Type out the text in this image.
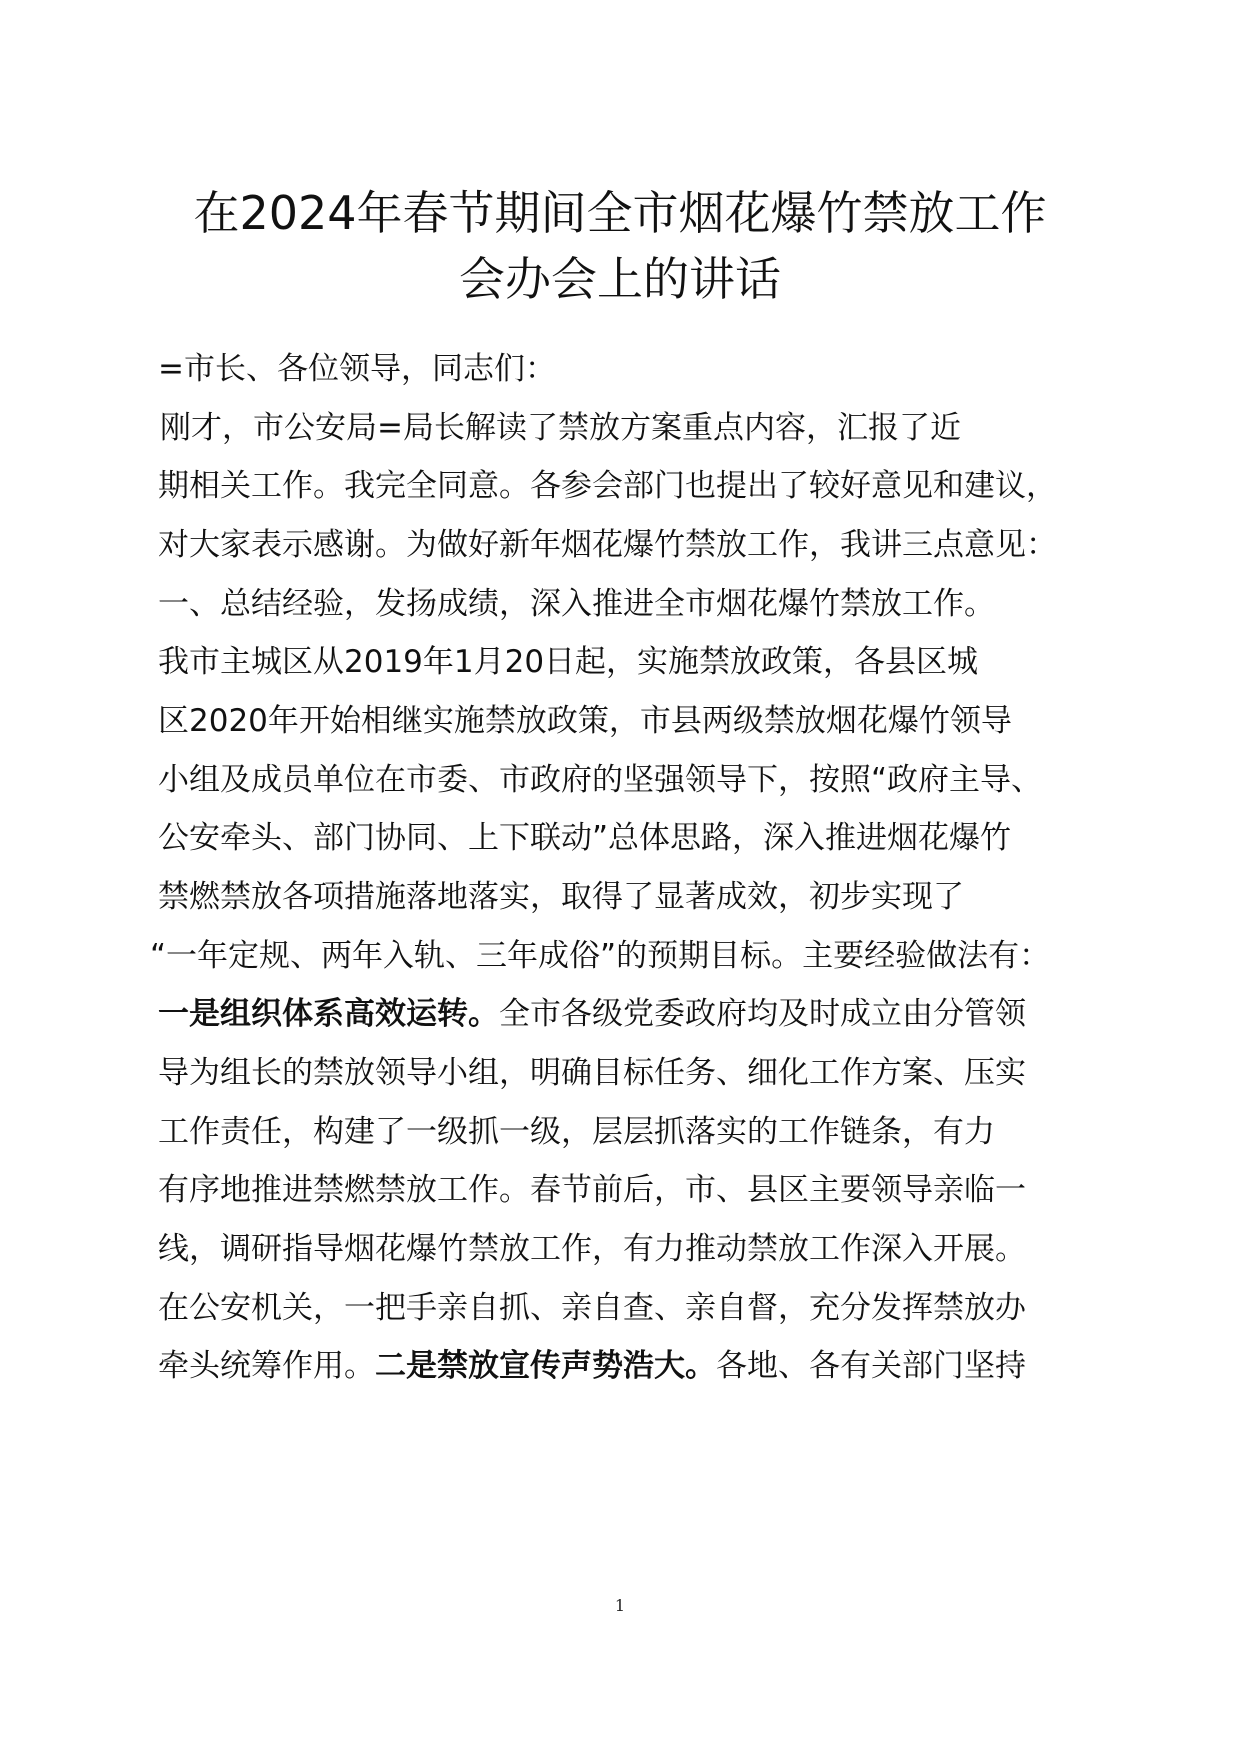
在2024年春节期间全市烟花爆竹禁放工作
会办会上的讲话
=市长、各位领导，同志们：
刚才，市公安局=局长解读了禁放方案重点内容，汇报了近
期相关工作。我完全同意。各参会部门也提出了较好意见和建议，
对大家表示感谢。为做好新年烟花爆竹禁放工作，我讲三点意见：
一、总结经验，发扬成绩，深入推进全市烟花爆竹禁放工作。
我市主城区从2019年1月20日起，实施禁放政策，各县区城
区2020年开始相继实施禁放政策，市县两级禁放烟花爆竹领导
小组及成员单位在市委、市政府的坚强领导下，按照“政府主导、
公安牵头、部门协同、上下联动”总体思路，深入推进烟花爆竹
禁燃禁放各项措施落地落实，取得了显著成效，初步实现了
“一年定规、两年入轨、三年成俗”的预期目标。主要经验做法有：
一是组织体系高效运转。全市各级党委政府均及时成立由分管领
导为组长的禁放领导小组，明确目标任务、细化工作方案、压实
工作责任，构建了一级抓一级，层层抓落实的工作链条，有力
有序地推进禁燃禁放工作。春节前后，市、县区主要领导亲临一
线，调研指导烟花爆竹禁放工作，有力推动禁放工作深入开展。
在公安机关，一把手亲自抓、亲自查、亲自督，充分发挥禁放办
牵头统筹作用。二是禁放宣传声势浩大。各地、各有关部门坚持
1
